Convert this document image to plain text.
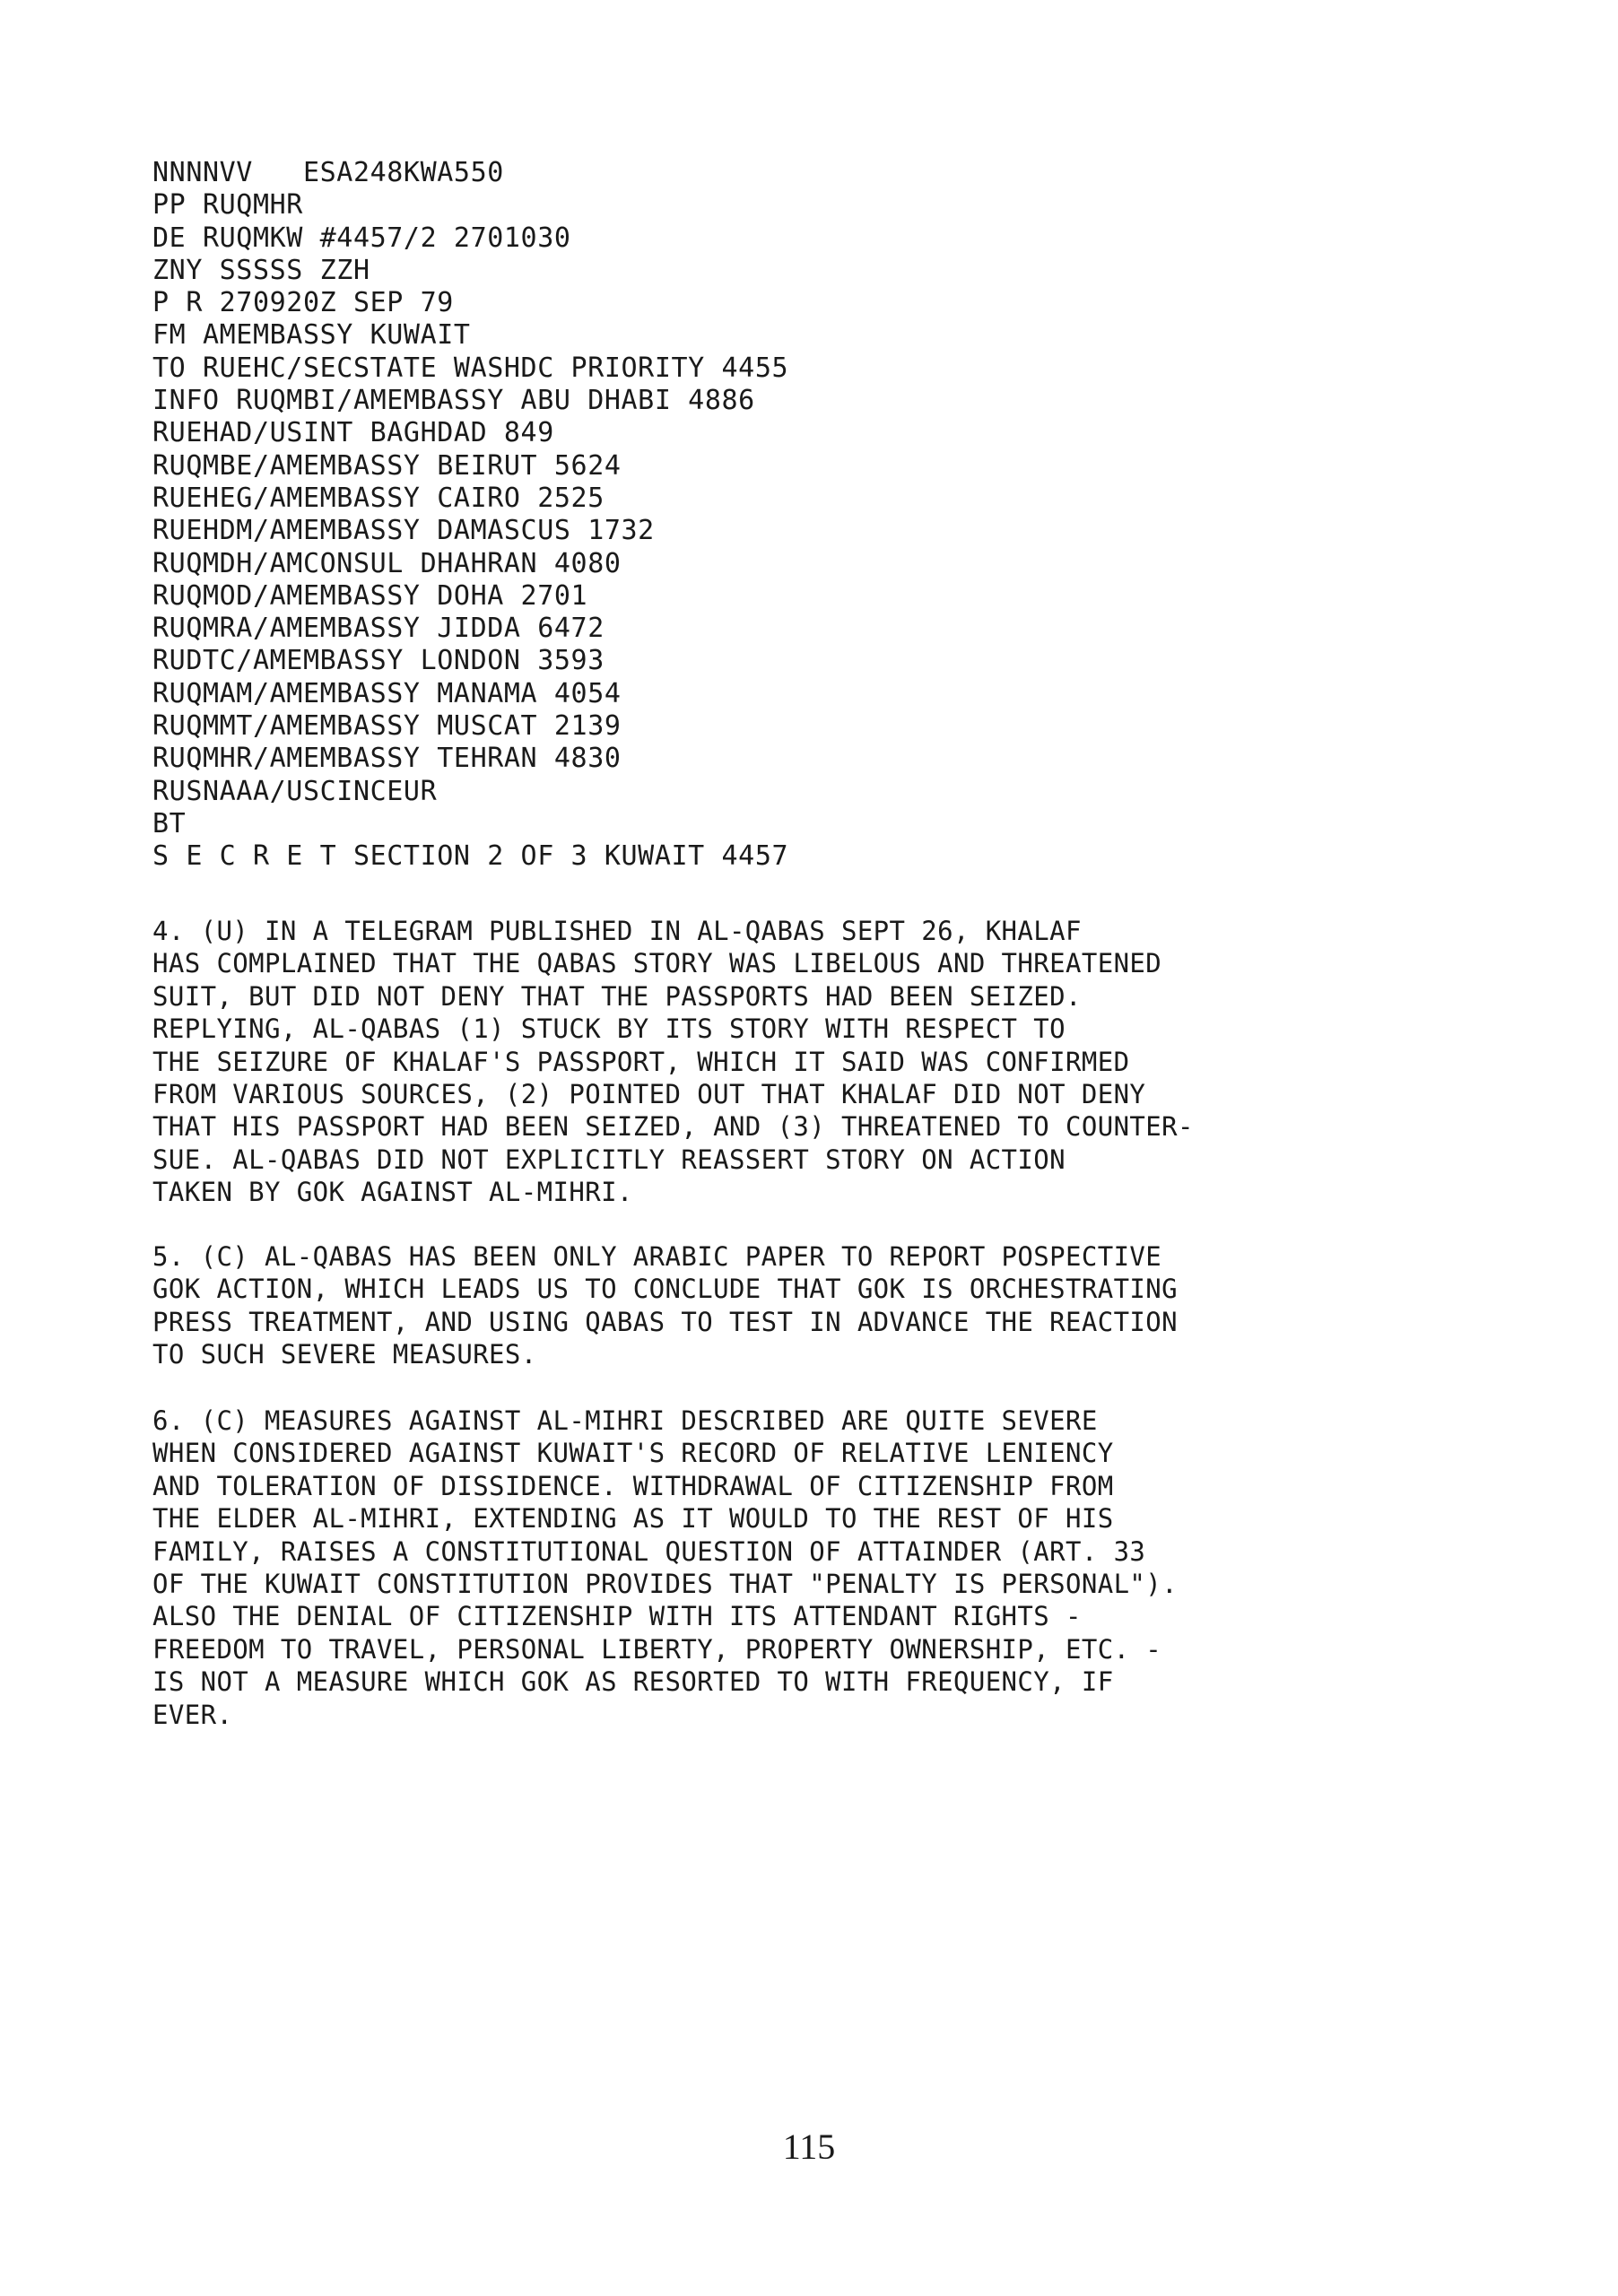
NNNNVV   ESA248KWA550
PP RUQMHR
DE RUQMKW #4457/2 2701030
ZNY SSSSS ZZH
P R 270920Z SEP 79
FM AMEMBASSY KUWAIT
TO RUEHC/SECSTATE WASHDC PRIORITY 4455
INFO RUQMBI/AMEMBASSY ABU DHABI 4886
RUEHAD/USINT BAGHDAD 849
RUQMBE/AMEMBASSY BEIRUT 5624
RUEHEG/AMEMBASSY CAIRO 2525
RUEHDM/AMEMBASSY DAMASCUS 1732
RUQMDH/AMCONSUL DHAHRAN 4080
RUQMOD/AMEMBASSY DOHA 2701
RUQMRA/AMEMBASSY JIDDA 6472
RUDTC/AMEMBASSY LONDON 3593
RUQMAM/AMEMBASSY MANAMA 4054
RUQMMT/AMEMBASSY MUSCAT 2139
RUQMHR/AMEMBASSY TEHRAN 4830
RUSNAAA/USCINCEUR
BT
S E C R E T SECTION 2 OF 3 KUWAIT 4457
4. (U) IN A TELEGRAM PUBLISHED IN AL-QABAS SEPT 26, KHALAF
HAS COMPLAINED THAT THE QABAS STORY WAS LIBELOUS AND THREATENED
SUIT, BUT DID NOT DENY THAT THE PASSPORTS HAD BEEN SEIZED.
REPLYING, AL-QABAS (1) STUCK BY ITS STORY WITH RESPECT TO
THE SEIZURE OF KHALAF'S PASSPORT, WHICH IT SAID WAS CONFIRMED
FROM VARIOUS SOURCES, (2) POINTED OUT THAT KHALAF DID NOT DENY
THAT HIS PASSPORT HAD BEEN SEIZED, AND (3) THREATENED TO COUNTER-
SUE. AL-QABAS DID NOT EXPLICITLY REASSERT STORY ON ACTION
TAKEN BY GOK AGAINST AL-MIHRI.
5. (C) AL-QABAS HAS BEEN ONLY ARABIC PAPER TO REPORT POSPECTIVE
GOK ACTION, WHICH LEADS US TO CONCLUDE THAT GOK IS ORCHESTRATING
PRESS TREATMENT, AND USING QABAS TO TEST IN ADVANCE THE REACTION
TO SUCH SEVERE MEASURES.
6. (C) MEASURES AGAINST AL-MIHRI DESCRIBED ARE QUITE SEVERE
WHEN CONSIDERED AGAINST KUWAIT'S RECORD OF RELATIVE LENIENCY
AND TOLERATION OF DISSIDENCE. WITHDRAWAL OF CITIZENSHIP FROM
THE ELDER AL-MIHRI, EXTENDING AS IT WOULD TO THE REST OF HIS
FAMILY, RAISES A CONSTITUTIONAL QUESTION OF ATTAINDER (ART. 33
OF THE KUWAIT CONSTITUTION PROVIDES THAT "PENALTY IS PERSONAL").
ALSO THE DENIAL OF CITIZENSHIP WITH ITS ATTENDANT RIGHTS -
FREEDOM TO TRAVEL, PERSONAL LIBERTY, PROPERTY OWNERSHIP, ETC. -
IS NOT A MEASURE WHICH GOK AS RESORTED TO WITH FREQUENCY, IF
EVER.
115
